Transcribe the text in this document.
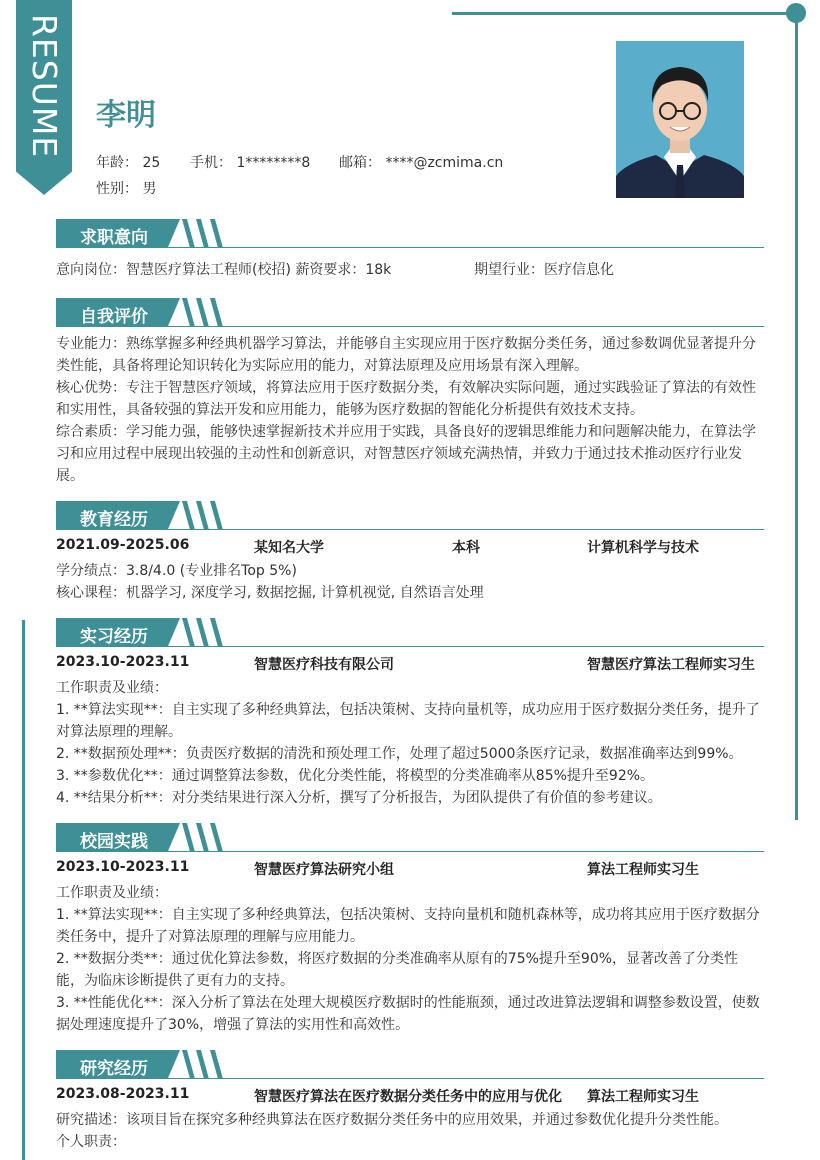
RESUME 李明
年龄： 25 手机： 1********8 邮箱： ****@zcmima.cn
性别： 男
求职意向
意向岗位：智慧医疗算法工程师(校招) 薪资要求：18k	期望行业：医疗信息化
自我评价
专业能力：熟练掌握多种经典机器学习算法，并能够自主实现应用于医疗数据分类任务，通过参数调优显著提升分类性能，具备将理论知识转化为实际应用的能力，对算法原理及应用场景有深入理解。
核心优势：专注于智慧医疗领域，将算法应用于医疗数据分类，有效解决实际问题，通过实践验证了算法的有效性和实用性，具备较强的算法开发和应用能力，能够为医疗数据的智能化分析提供有效技术支持。
综合素质：学习能力强，能够快速掌握新技术并应用于实践，具备良好的逻辑思维能力和问题解决能力，在算法学习和应用过程中展现出较强的主动性和创新意识，对智慧医疗领域充满热情，并致力于通过技术推动医疗行业发展。
教育经历
2021.09-2025.06	某知名大学	本科	计算机科学与技术
学分绩点：3.8/4.0 (专业排名Top 5%)
核心课程：机器学习, 深度学习, 数据挖掘, 计算机视觉, 自然语言处理
实习经历
2023.10-2023.11	智慧医疗科技有限公司	智慧医疗算法工程师实习生
工作职责及业绩：
1. **算法实现**：自主实现了多种经典算法，包括决策树、支持向量机等，成功应用于医疗数据分类任务，提升了对算法原理的理解。
2. **数据预处理**：负责医疗数据的清洗和预处理工作，处理了超过5000条医疗记录，数据准确率达到99%。
3. **参数优化**：通过调整算法参数，优化分类性能，将模型的分类准确率从85%提升至92%。
4. **结果分析**：对分类结果进行深入分析，撰写了分析报告，为团队提供了有价值的参考建议。
校园实践
2023.10-2023.11	智慧医疗算法研究小组	算法工程师实习生
工作职责及业绩：
1. **算法实现**：自主实现了多种经典算法，包括决策树、支持向量机和随机森林等，成功将其应用于医疗数据分类任务中，提升了对算法原理的理解与应用能力。
2. **数据分类**：通过优化算法参数，将医疗数据的分类准确率从原有的75%提升至90%，显著改善了分类性能，为临床诊断提供了更有力的支持。
3. **性能优化**：深入分析了算法在处理大规模医疗数据时的性能瓶颈，通过改进算法逻辑和调整参数设置，使数据处理速度提升了30%，增强了算法的实用性和高效性。
研究经历
2023.08-2023.11	智慧医疗算法在医疗数据分类任务中的应用与优化 算法工程师实习生
研究描述：该项目旨在探究多种经典算法在医疗数据分类任务中的应用效果，并通过参数优化提升分类性能。
个人职责：
